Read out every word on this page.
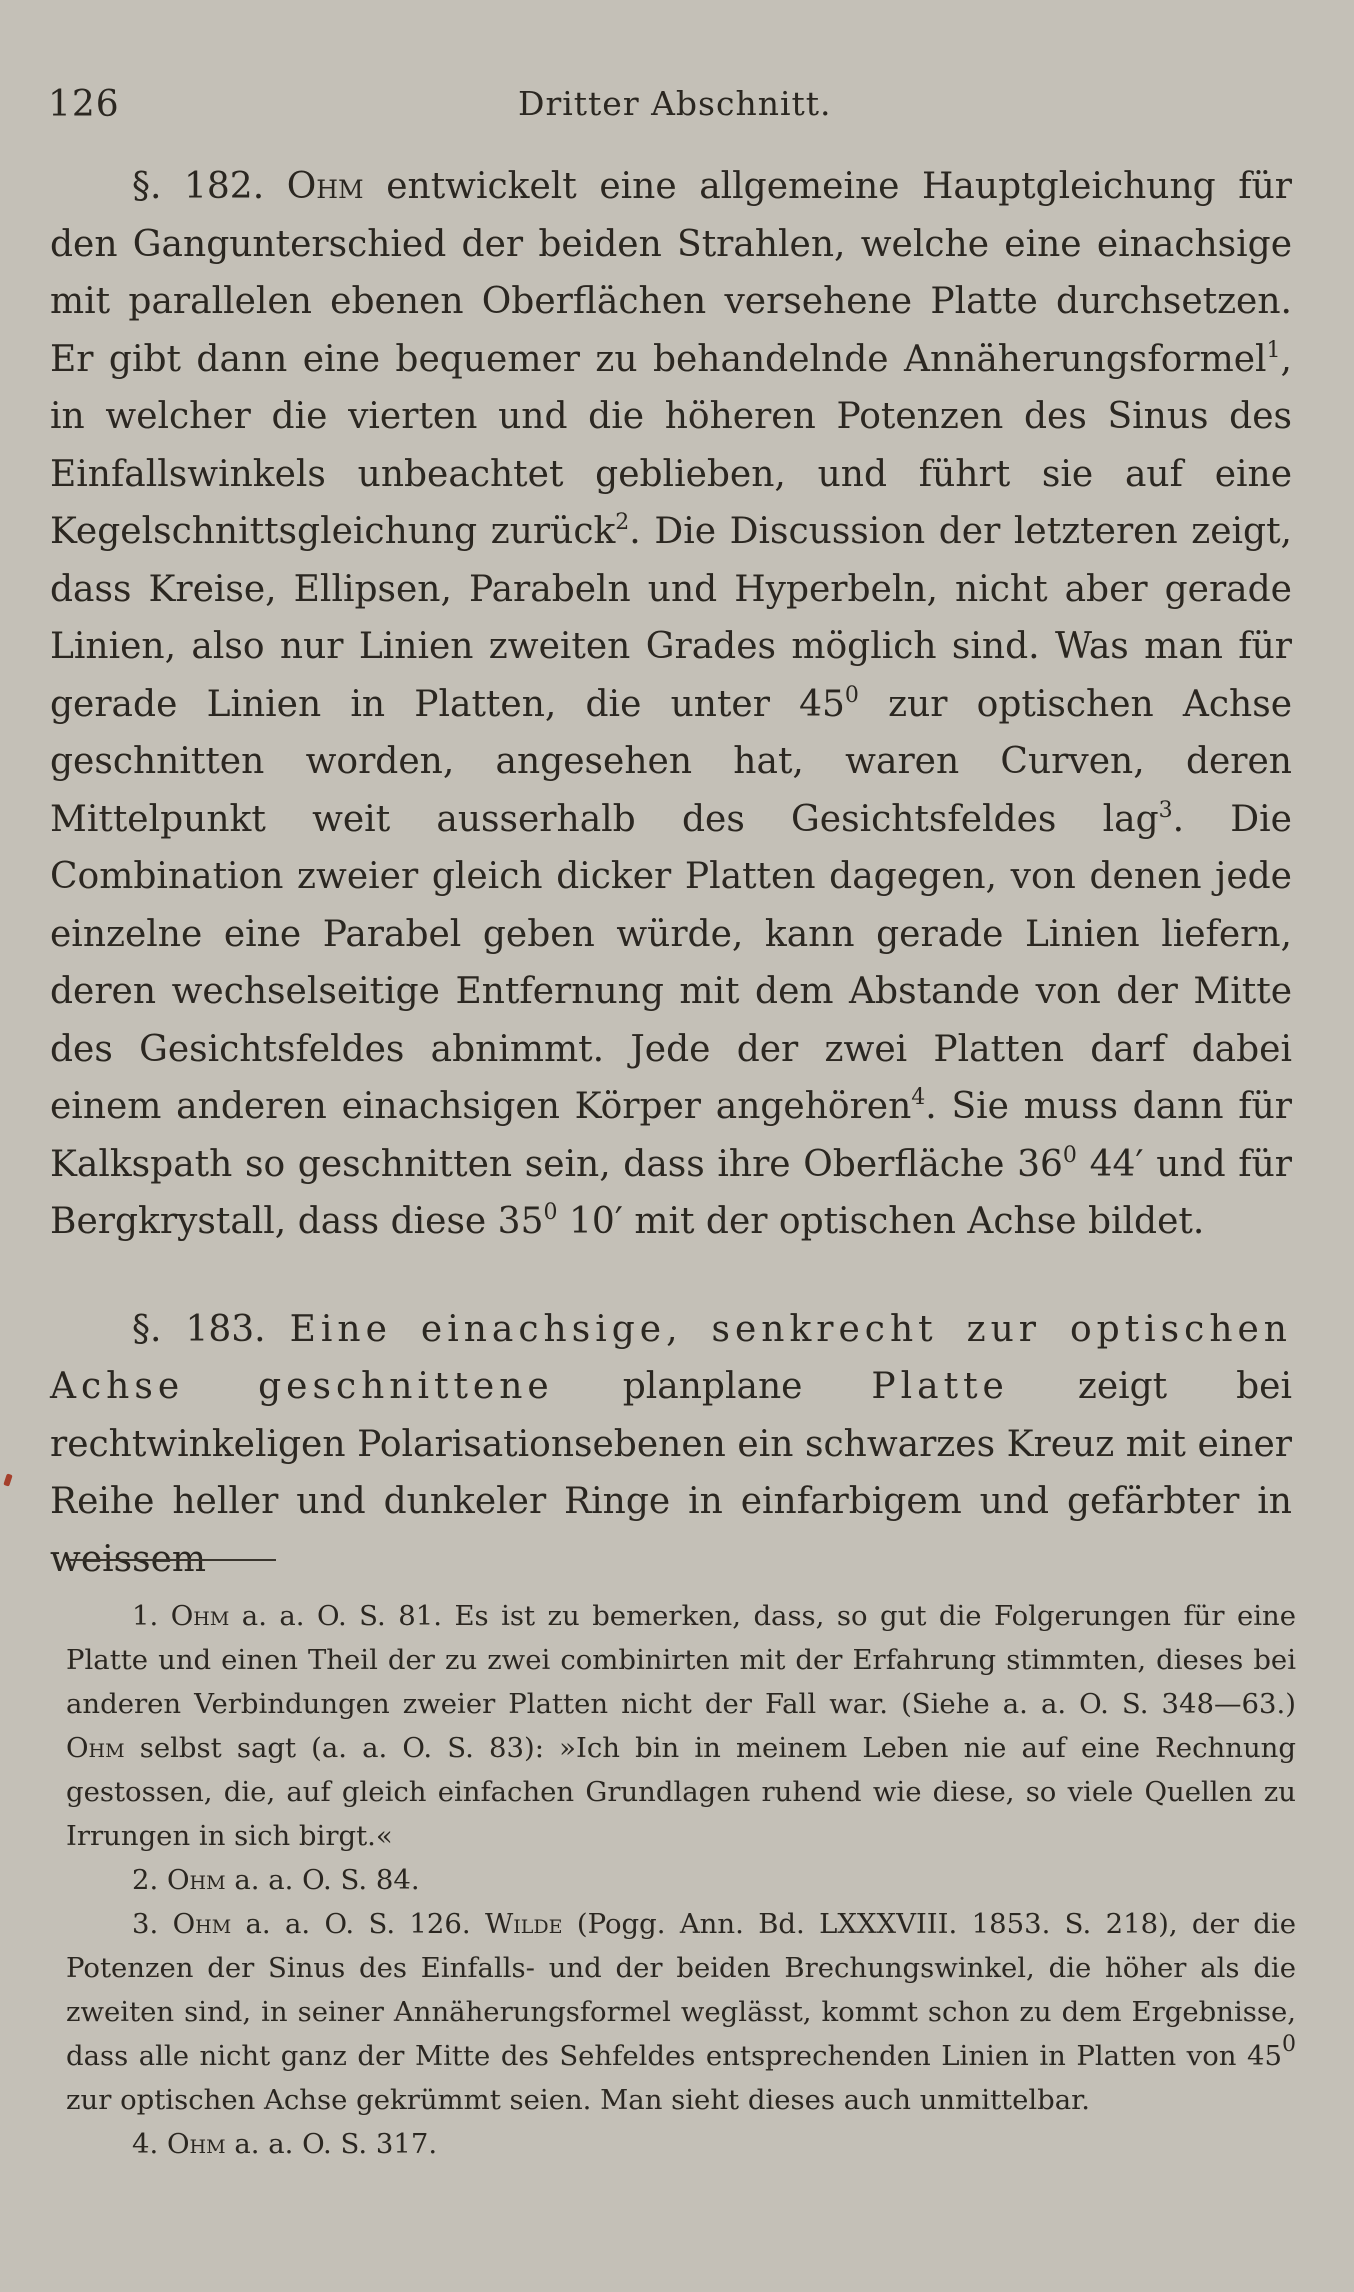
126	Dritter Abschnitt.

§. 182. Ohm entwickelt eine allgemeine Hauptgleichung für den Gangunterschied der beiden Strahlen, welche eine einachsige mit parallelen ebenen Oberflächen versehene Platte durchsetzen. Er gibt dann eine bequemer zu behandelnde Annäherungsformel$^1$, in welcher die vierten und die höheren Potenzen des Sinus des Einfallswinkels unbeachtet geblieben, und führt sie auf eine Kegelschnittsgleichung zurück$^2$. Die Discussion der letzteren zeigt, dass Kreise, Ellipsen, Parabeln und Hyperbeln, nicht aber gerade Linien, also nur Linien zweiten Grades möglich sind. Was man für gerade Linien in Platten, die unter $45^0$ zur optischen Achse geschnitten worden, angesehen hat, waren Curven, deren Mittelpunkt weit ausserhalb des Gesichtsfeldes lag$^3$. Die Combination zweier gleich dicker Platten dagegen, von denen jede einzelne eine Parabel geben würde, kann gerade Linien liefern, deren wechselseitige Entfernung mit dem Abstande von der Mitte des Gesichtsfeldes abnimmt. Jede der zwei Platten darf dabei einem anderen einachsigen Körper angehören$^4$. Sie muss dann für Kalkspath so geschnitten sein, dass ihre Oberfläche $36^0$ 44′ und für Bergkrystall, dass diese $35^0$ 10′ mit der optischen Achse bildet.

§. 183. Eine einachsige, senkrecht zur optischen Achse geschnittene planplane Platte zeigt bei rechtwinkeligen Polarisationsebenen ein schwarzes Kreuz mit einer Reihe heller und dunkeler Ringe in einfarbigem und gefärbter in weissem

1. Ohm a. a. O. S. 81. Es ist zu bemerken, dass, so gut die Folgerungen für eine Platte und einen Theil der zu zwei combinirten mit der Erfahrung stimmten, dieses bei anderen Verbindungen zweier Platten nicht der Fall war. (Siehe a. a. O. S. 348—63.) Ohm selbst sagt (a. a. O. S. 83): »Ich bin in meinem Leben nie auf eine Rechnung gestossen, die, auf gleich einfachen Grundlagen ruhend wie diese, so viele Quellen zu Irrungen in sich birgt.«

2. Ohm a. a. O. S. 84.

3. Ohm a. a. O. S. 126. Wilde (Pogg. Ann. Bd. LXXXVIII. 1853. S. 218), der die Potenzen der Sinus des Einfalls- und der beiden Brechungswinkel, die höher als die zweiten sind, in seiner Annäherungsformel weglässt, kommt schon zu dem Ergebnisse, dass alle nicht ganz der Mitte des Sehfeldes entsprechenden Linien in Platten von $45^0$ zur optischen Achse gekrümmt seien. Man sieht dieses auch unmittelbar.

4. Ohm a. a. O. S. 317.
